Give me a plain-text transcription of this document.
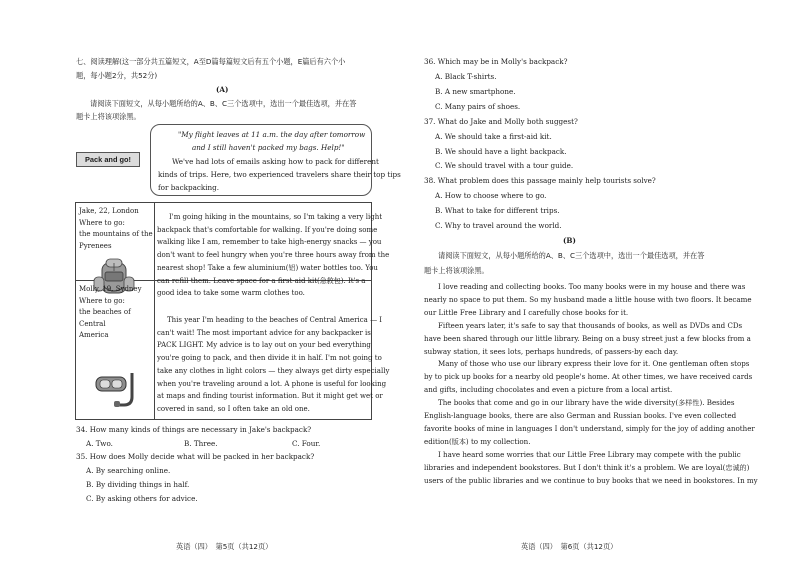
七、阅读理解(这一部分共五篇短文，A至D篇每篇短文后有五个小题，E篇后有六个小
题，每小题2分，共52分)
(A)
请阅读下面短文，从每小题所给的A、B、C三个选项中，选出一个最佳选项，并在答
题卡上将该项涂黑。
Pack and go!
"My flight leaves at 11 a.m. the day after tomorrow
and I still haven't packed my bags. Help!"
We've had lots of emails asking how to pack for different
kinds of trips. Here, two experienced travelers share their top tips
for backpacking.

Jake, 22, London

Where to go:

the mountains of the

Pyrenees

I'm going hiking in the mountains, so I'm taking a very light

backpack that's comfortable for walking. If you're doing some

walking like I am, remember to take high-energy snacks — you

don't want to feel hungry when you're three hours away from the

nearest shop! Take a few aluminium(铝) water bottles too. You

can refill them. Leave space for a first-aid kit(急救包). It's a

good idea to take some warm clothes too.

Molly, 19, Sydney

Where to go:

the beaches of Central

America

This year I'm heading to the beaches of Central America — I

can't wait! The most important advice for any backpacker is

PACK LIGHT. My advice is to lay out on your bed everything

you're going to pack, and then divide it in half. I'm not going to

take any clothes in light colors — they always get dirty especially

when you're traveling around a lot. A phone is useful for looking

at maps and finding tourist information. But it might get wet or

covered in sand, so I often take an old one.

34. How many kinds of things are necessary in Jake's backpack?
A. Two.	B. Three.	C. Four.
35. How does Molly decide what will be packed in her backpack?
A. By searching online.
B. By dividing things in half.
C. By asking others for advice.
英语（四）　第5页（共12页）
36. Which may be in Molly's backpack?
A. Black T-shirts.
B. A new smartphone.
C. Many pairs of shoes.
37. What do Jake and Molly both suggest?
A. We should take a first-aid kit.
B. We should have a light backpack.
C. We should travel with a tour guide.
38. What problem does this passage mainly help tourists solve?
A. How to choose where to go.
B. What to take for different trips.
C. Why to travel around the world.
(B)
请阅读下面短文，从每小题所给的A、B、C三个选项中，选出一个最佳选项，并在答
题卡上将该项涂黑。

I love reading and collecting books. Too many books were in my house and there was

nearly no space to put them. So my husband made a little house with two floors. It became

our Little Free Library and I carefully chose books for it.

Fifteen years later, it's safe to say that thousands of books, as well as DVDs and CDs

have been shared through our little library. Being on a busy street just a few blocks from a

subway station, it sees lots, perhaps hundreds, of passers-by each day.

Many of those who use our library express their love for it. One gentleman often stops

by to pick up books for a nearby old people's home. At other times, we have received cards

and gifts, including chocolates and even a picture from a local artist.

The books that come and go in our library have the wide diversity(多样性). Besides

English-language books, there are also German and Russian books. I've even collected

favorite books of mine in languages I don't understand, simply for the joy of adding another

edition(版本) to my collection.

I have heard some worries that our Little Free Library may compete with the public

libraries and independent bookstores. But I don't think it's a problem. We are loyal(忠诚的)

users of the public libraries and we continue to buy books that we need in bookstores. In my

英语（四）　第6页（共12页）
